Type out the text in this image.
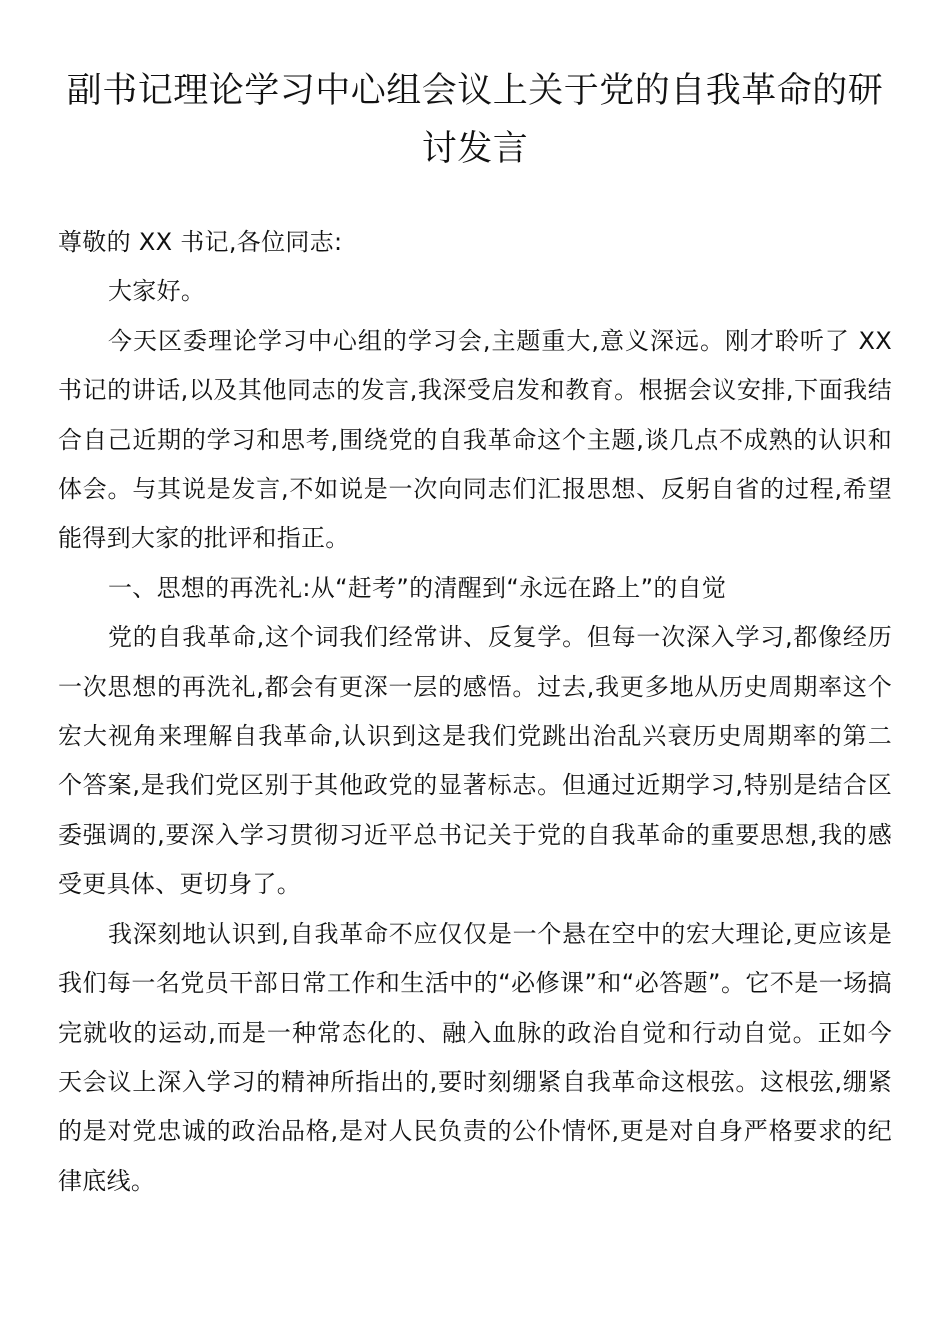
副书记理论学习中心组会议上关于党的自我革命的研讨发言

尊敬的 XX 书记,各位同志:

大家好。

今天区委理论学习中心组的学习会,主题重大,意义深远。刚才聆听了 XX 书记的讲话,以及其他同志的发言,我深受启发和教育。根据会议安排,下面我结合自己近期的学习和思考,围绕党的自我革命这个主题,谈几点不成熟的认识和体会。与其说是发言,不如说是一次向同志们汇报思想、反躬自省的过程,希望能得到大家的批评和指正。

一、思想的再洗礼:从“赶考”的清醒到“永远在路上”的自觉

党的自我革命,这个词我们经常讲、反复学。但每一次深入学习,都像经历一次思想的再洗礼,都会有更深一层的感悟。过去,我更多地从历史周期率这个宏大视角来理解自我革命,认识到这是我们党跳出治乱兴衰历史周期率的第二个答案,是我们党区别于其他政党的显著标志。但通过近期学习,特别是结合区委强调的,要深入学习贯彻习近平总书记关于党的自我革命的重要思想,我的感受更具体、更切身了。

我深刻地认识到,自我革命不应仅仅是一个悬在空中的宏大理论,更应该是我们每一名党员干部日常工作和生活中的“必修课”和“必答题”。它不是一场搞完就收的运动,而是一种常态化的、融入血脉的政治自觉和行动自觉。正如今天会议上深入学习的精神所指出的,要时刻绷紧自我革命这根弦。这根弦,绷紧的是对党忠诚的政治品格,是对人民负责的公仆情怀,更是对自身严格要求的纪律底线。
